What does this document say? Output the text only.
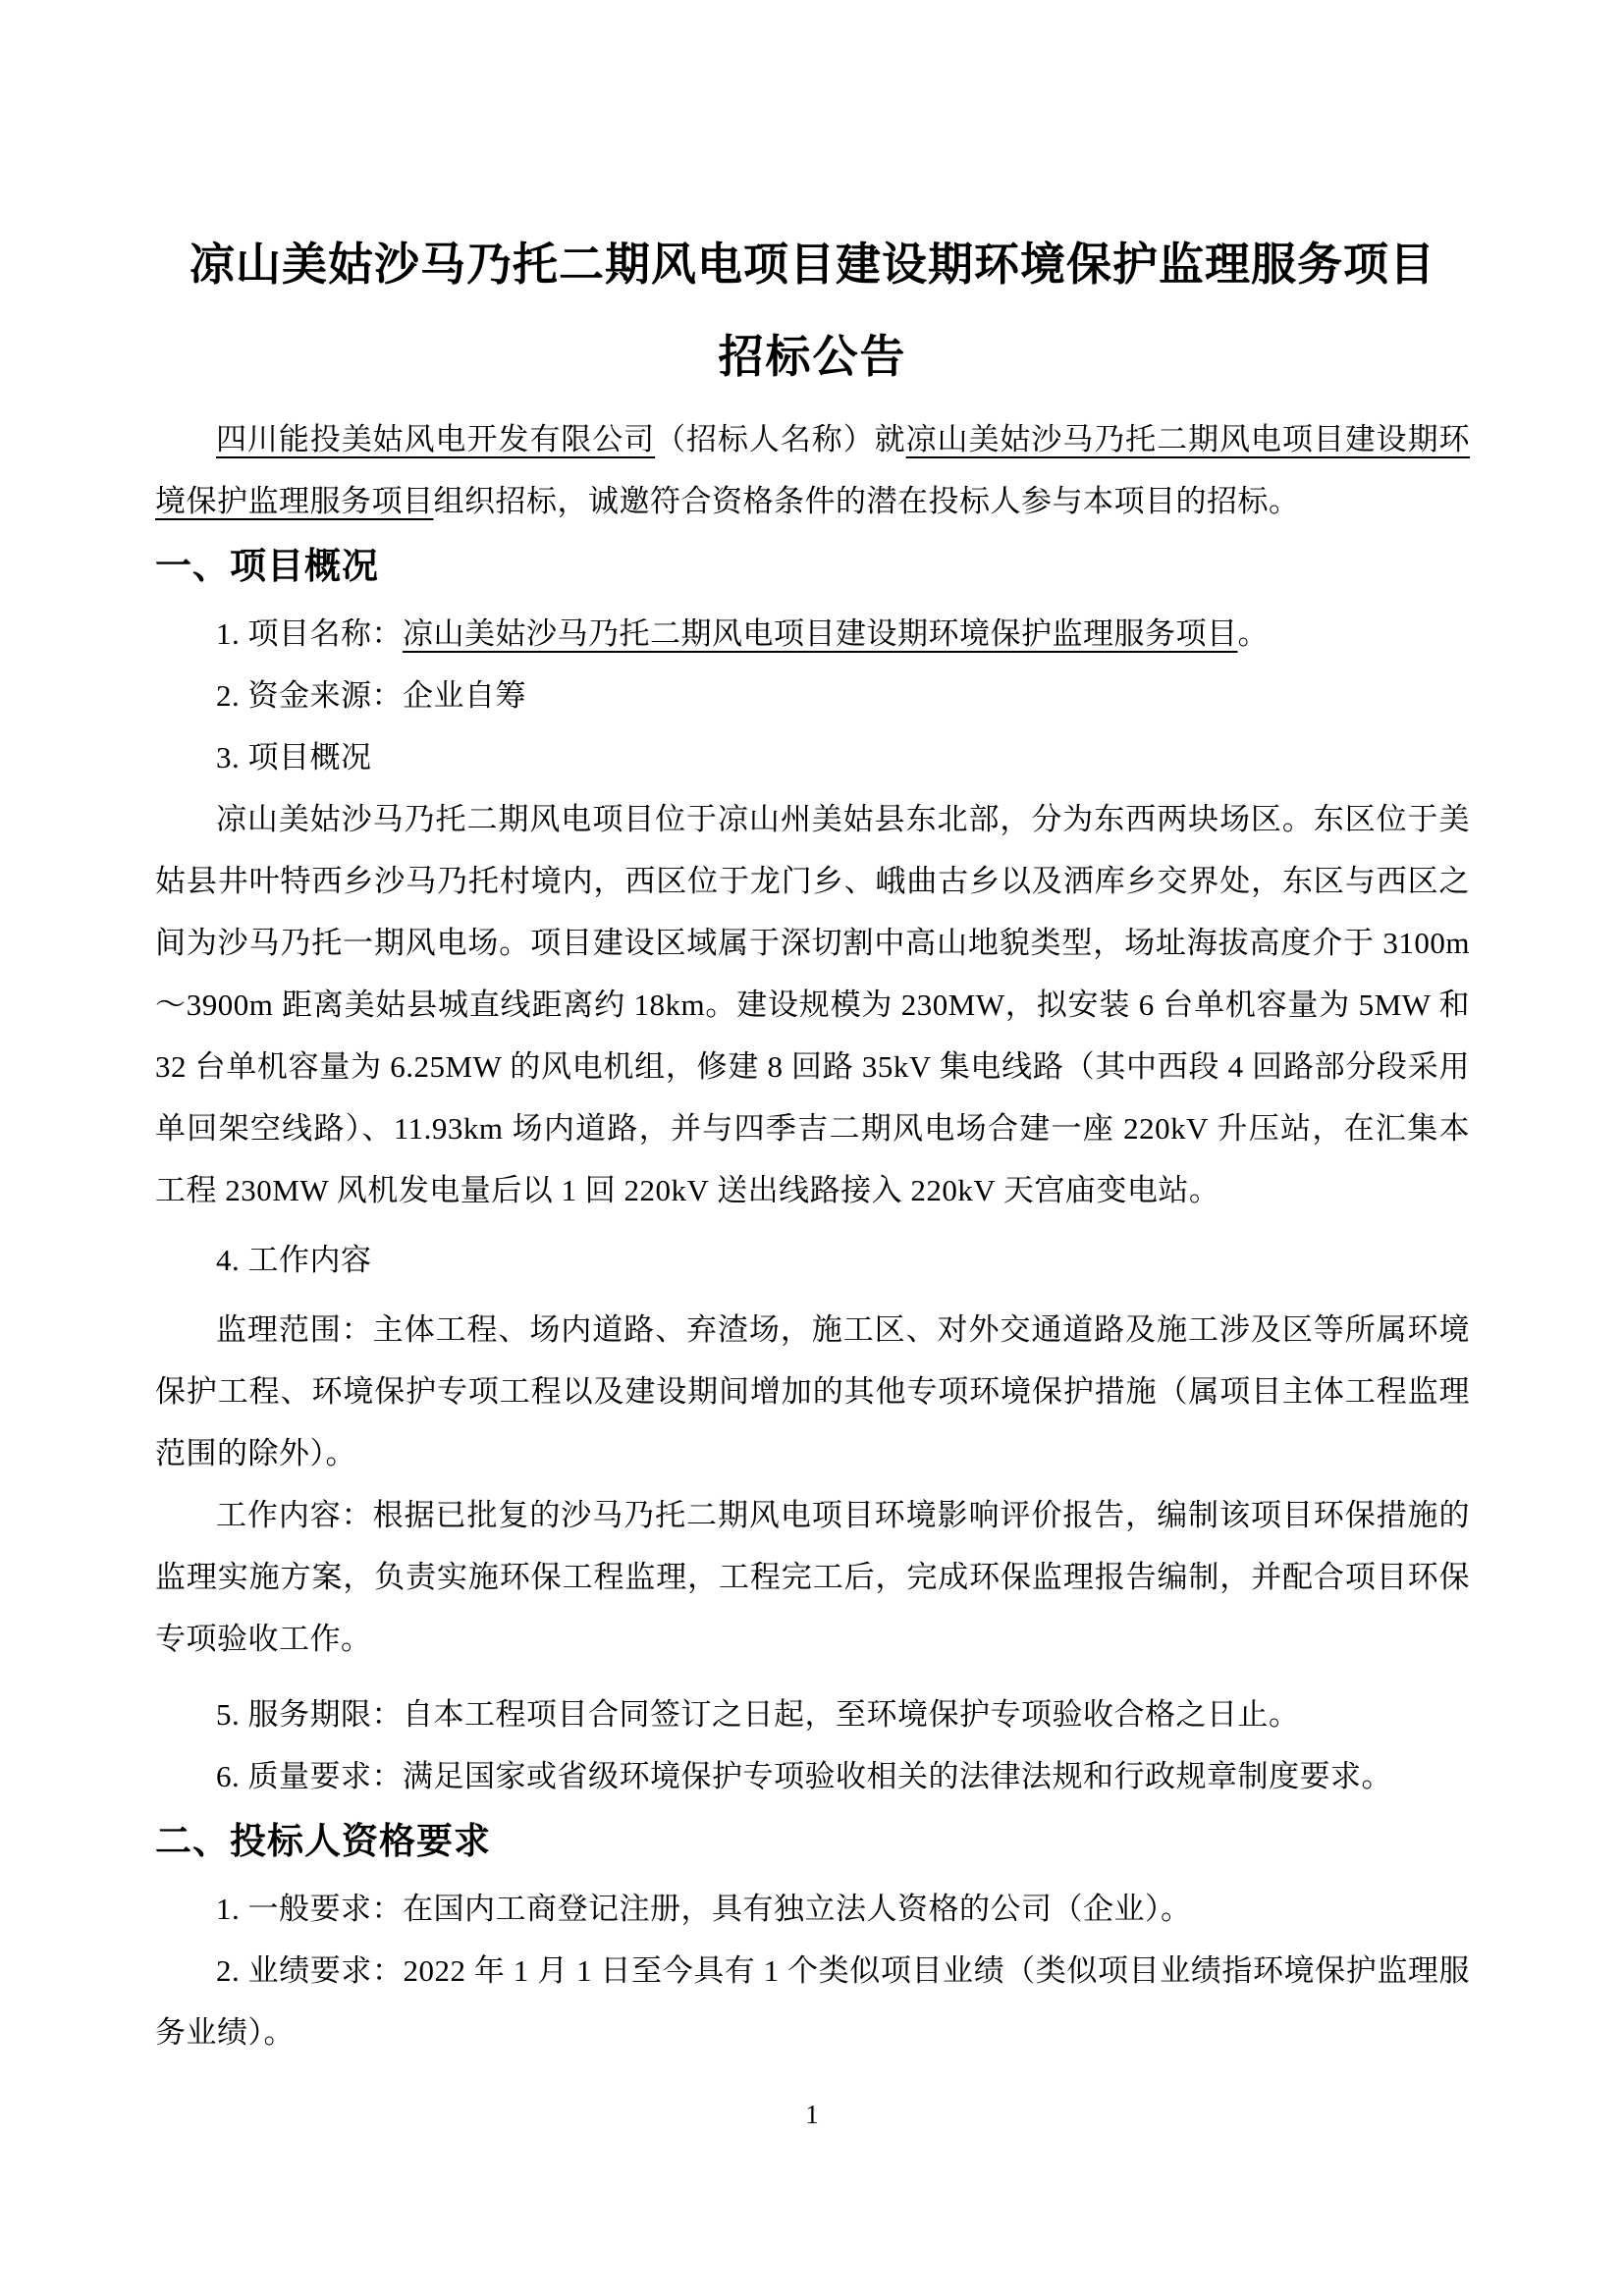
凉山美姑沙马乃托二期风电项目建设期环境保护监理服务项目
招标公告

四川能投美姑风电开发有限公司（招标人名称）就凉山美姑沙马乃托二期风电项目建设期环境保护监理服务项目组织招标，诚邀符合资格条件的潜在投标人参与本项目的招标。

一、项目概况

1. 项目名称：凉山美姑沙马乃托二期风电项目建设期环境保护监理服务项目。

2. 资金来源：企业自筹

3. 项目概况

凉山美姑沙马乃托二期风电项目位于凉山州美姑县东北部，分为东西两块场区。东区位于美姑县井叶特西乡沙马乃托村境内，西区位于龙门乡、峨曲古乡以及洒库乡交界处，东区与西区之间为沙马乃托一期风电场。项目建设区域属于深切割中高山地貌类型，场址海拔高度介于 3100m～3900m 距离美姑县城直线距离约 18km。建设规模为 230MW，拟安装 6 台单机容量为 5MW 和 32 台单机容量为 6.25MW 的风电机组，修建 8 回路 35kV 集电线路（其中西段 4 回路部分段采用单回架空线路）、11.93km 场内道路，并与四季吉二期风电场合建一座 220kV 升压站，在汇集本工程 230MW 风机发电量后以 1 回 220kV 送出线路接入 220kV 天宫庙变电站。

4. 工作内容

监理范围：主体工程、场内道路、弃渣场，施工区、对外交通道路及施工涉及区等所属环境保护工程、环境保护专项工程以及建设期间增加的其他专项环境保护措施（属项目主体工程监理范围的除外）。

工作内容：根据已批复的沙马乃托二期风电项目环境影响评价报告，编制该项目环保措施的监理实施方案，负责实施环保工程监理，工程完工后，完成环保监理报告编制，并配合项目环保专项验收工作。

5. 服务期限：自本工程项目合同签订之日起，至环境保护专项验收合格之日止。

6. 质量要求：满足国家或省级环境保护专项验收相关的法律法规和行政规章制度要求。

二、投标人资格要求

1. 一般要求：在国内工商登记注册，具有独立法人资格的公司（企业）。

2. 业绩要求：2022 年 1 月 1 日至今具有 1 个类似项目业绩（类似项目业绩指环境保护监理服务业绩）。

1
